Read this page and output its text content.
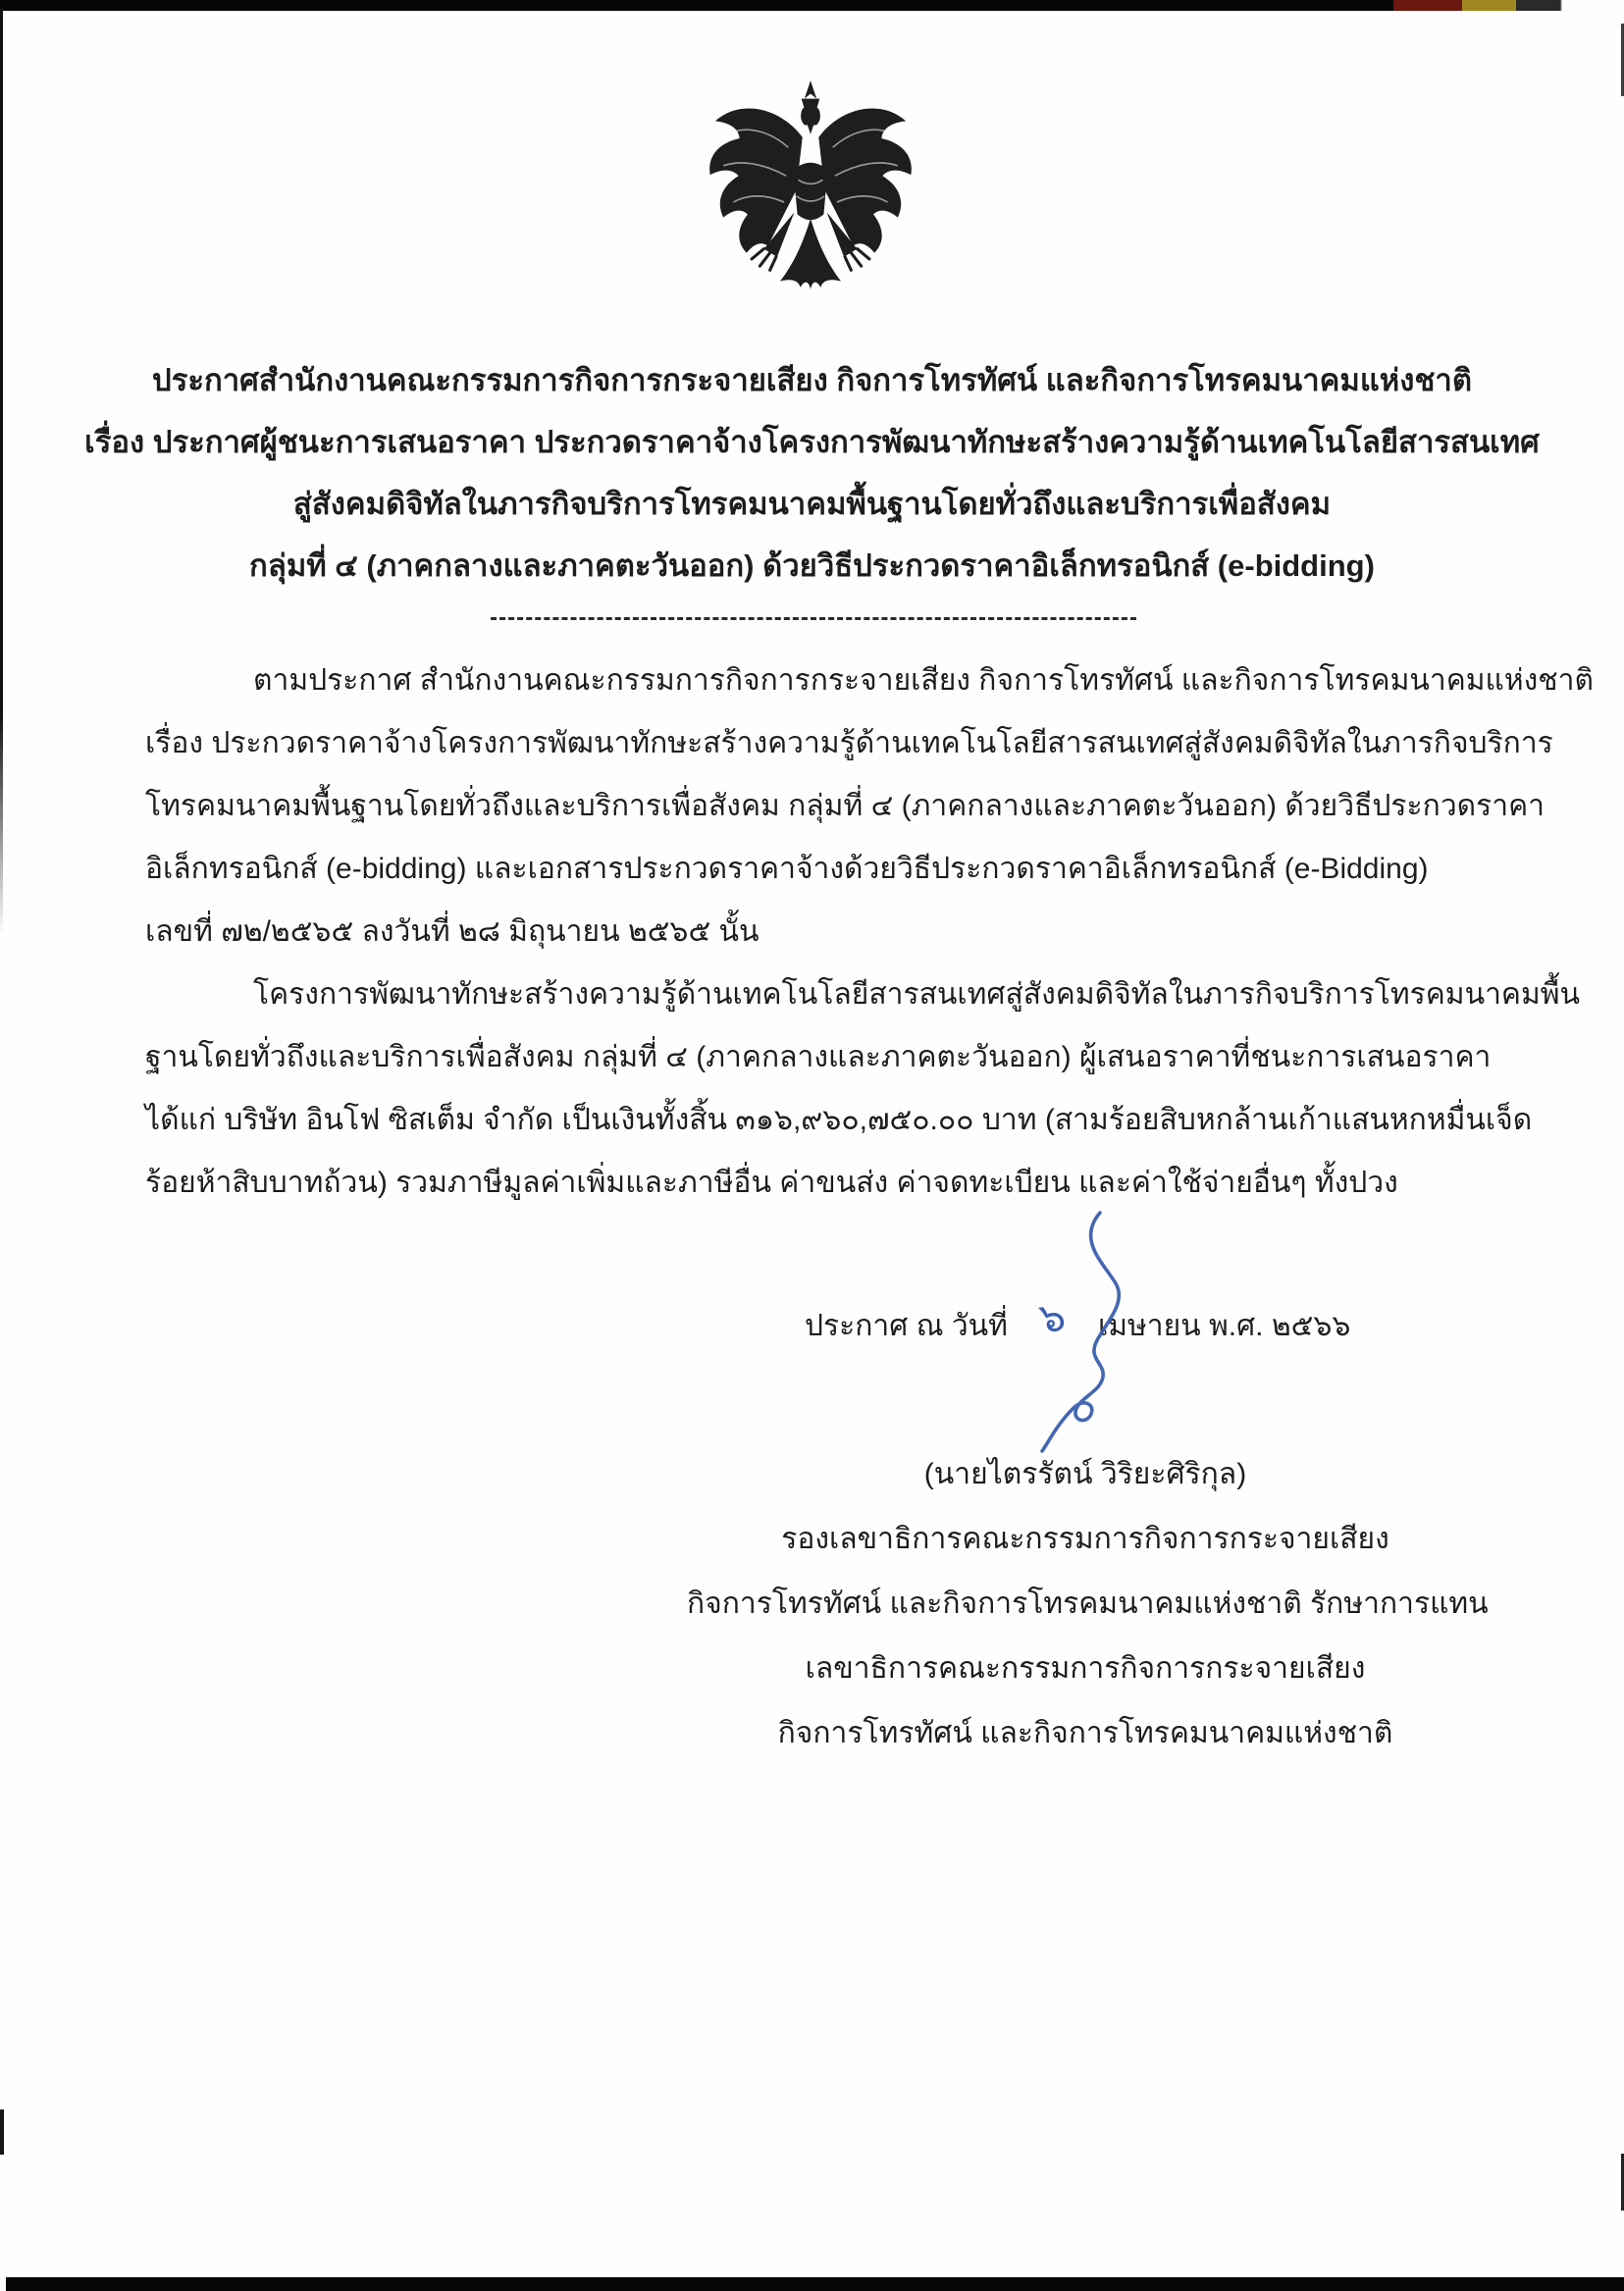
ประกาศสำนักงานคณะกรรมการกิจการกระจายเสียง กิจการโทรทัศน์ และกิจการโทรคมนาคมแห่งชาติ
เรื่อง ประกาศผู้ชนะการเสนอราคา ประกวดราคาจ้างโครงการพัฒนาทักษะสร้างความรู้ด้านเทคโนโลยีสารสนเทศ
สู่สังคมดิจิทัลในภารกิจบริการโทรคมนาคมพื้นฐานโดยทั่วถึงและบริการเพื่อสังคม
กลุ่มที่ ๔ (ภาคกลางและภาคตะวันออก) ด้วยวิธีประกวดราคาอิเล็กทรอนิกส์ (e-bidding)
ตามประกาศ สำนักงานคณะกรรมการกิจการกระจายเสียง กิจการโทรทัศน์ และกิจการโทรคมนาคมแห่งชาติ
เรื่อง ประกวดราคาจ้างโครงการพัฒนาทักษะสร้างความรู้ด้านเทคโนโลยีสารสนเทศสู่สังคมดิจิทัลในภารกิจบริการ
โทรคมนาคมพื้นฐานโดยทั่วถึงและบริการเพื่อสังคม กลุ่มที่ ๔ (ภาคกลางและภาคตะวันออก) ด้วยวิธีประกวดราคา
อิเล็กทรอนิกส์ (e-bidding) และเอกสารประกวดราคาจ้างด้วยวิธีประกวดราคาอิเล็กทรอนิกส์ (e-Bidding)
เลขที่ ๗๒/๒๕๖๕ ลงวันที่ ๒๘ มิถุนายน ๒๕๖๕ นั้น
โครงการพัฒนาทักษะสร้างความรู้ด้านเทคโนโลยีสารสนเทศสู่สังคมดิจิทัลในภารกิจบริการโทรคมนาคมพื้น
ฐานโดยทั่วถึงและบริการเพื่อสังคม กลุ่มที่ ๔ (ภาคกลางและภาคตะวันออก) ผู้เสนอราคาที่ชนะการเสนอราคา
ได้แก่ บริษัท อินโฟ ซิสเต็ม จำกัด เป็นเงินทั้งสิ้น ๓๑๖,๙๖๐,๗๕๐.๐๐ บาท (สามร้อยสิบหกล้านเก้าแสนหกหมื่นเจ็ด
ร้อยห้าสิบบาทถ้วน) รวมภาษีมูลค่าเพิ่มและภาษีอื่น ค่าขนส่ง ค่าจดทะเบียน และค่าใช้จ่ายอื่นๆ ทั้งปวง
ประกาศ ณ วันที่ ๖	เมษายน พ.ศ. ๒๕๖๖
(นายไตรรัตน์ วิริยะศิริกุล)
รองเลขาธิการคณะกรรมการกิจการกระจายเสียง
กิจการโทรทัศน์ และกิจการโทรคมนาคมแห่งชาติ รักษาการแทน
เลขาธิการคณะกรรมการกิจการกระจายเสียง
กิจการโทรทัศน์ และกิจการโทรคมนาคมแห่งชาติ
